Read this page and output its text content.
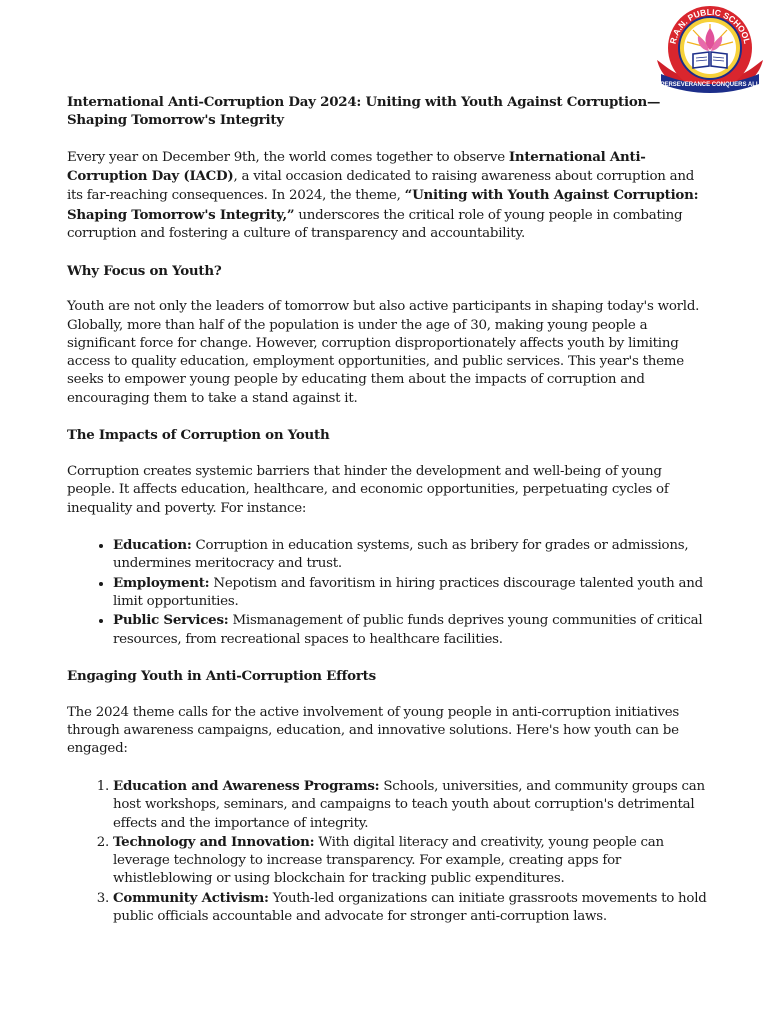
R.A.N. PUBLIC SCHOOL
PERSEVERANCE CONQUERS ALL

International Anti-Corruption Day 2024: Uniting with Youth Against Corruption—Shaping Tomorrow's Integrity

Every year on December 9th, the world comes together to observe International Anti-Corruption Day (IACD), a vital occasion dedicated to raising awareness about corruption and its far-reaching consequences. In 2024, the theme, “Uniting with Youth Against Corruption: Shaping Tomorrow's Integrity,” underscores the critical role of young people in combating corruption and fostering a culture of transparency and accountability.

Why Focus on Youth?

Youth are not only the leaders of tomorrow but also active participants in shaping today's world. Globally, more than half of the population is under the age of 30, making young people a significant force for change. However, corruption disproportionately affects youth by limiting access to quality education, employment opportunities, and public services. This year's theme seeks to empower young people by educating them about the impacts of corruption and encouraging them to take a stand against it.

The Impacts of Corruption on Youth

Corruption creates systemic barriers that hinder the development and well-being of young people. It affects education, healthcare, and economic opportunities, perpetuating cycles of inequality and poverty. For instance:

• Education: Corruption in education systems, such as bribery for grades or admissions, undermines meritocracy and trust.
• Employment: Nepotism and favoritism in hiring practices discourage talented youth and limit opportunities.
• Public Services: Mismanagement of public funds deprives young communities of critical resources, from recreational spaces to healthcare facilities.

Engaging Youth in Anti-Corruption Efforts

The 2024 theme calls for the active involvement of young people in anti-corruption initiatives through awareness campaigns, education, and innovative solutions. Here's how youth can be engaged:

1. Education and Awareness Programs: Schools, universities, and community groups can host workshops, seminars, and campaigns to teach youth about corruption's detrimental effects and the importance of integrity.
2. Technology and Innovation: With digital literacy and creativity, young people can leverage technology to increase transparency. For example, creating apps for whistleblowing or using blockchain for tracking public expenditures.
3. Community Activism: Youth-led organizations can initiate grassroots movements to hold public officials accountable and advocate for stronger anti-corruption laws.
